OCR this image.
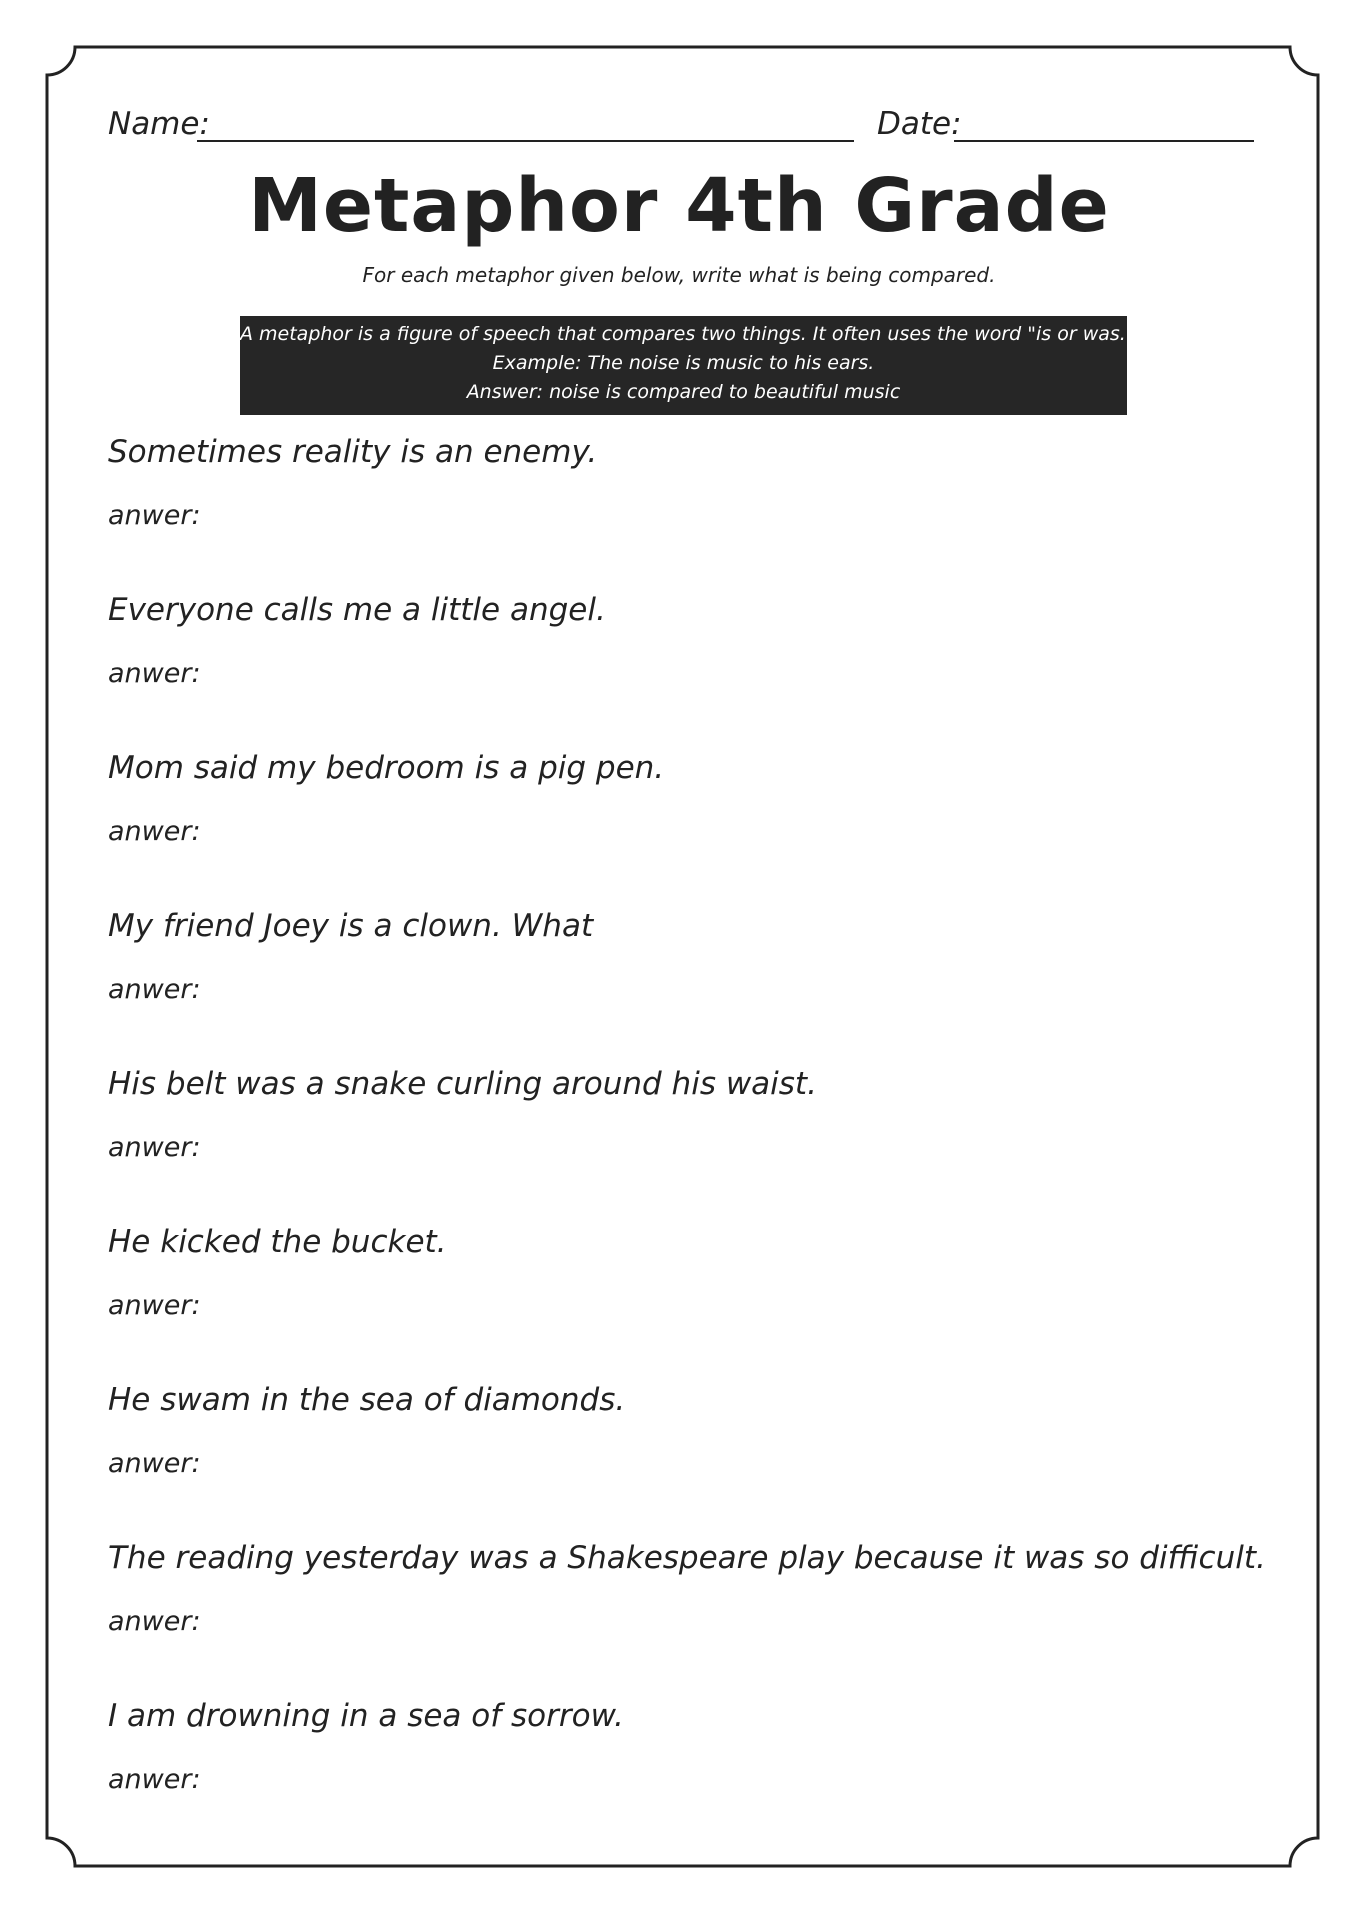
Name:	Date:
Metaphor 4th Grade
For each metaphor given below, write what is being compared.
A metaphor is a figure of speech that compares two things. It often uses the word "is or was."
Example: The noise is music to his ears.
Answer: noise is compared to beautiful music
Sometimes reality is an enemy.
anwer:
Everyone calls me a little angel.
anwer:
Mom said my bedroom is a pig pen.
anwer:
My friend Joey is a clown. What
anwer:
His belt was a snake curling around his waist.
anwer:
He kicked the bucket.
anwer:
He swam in the sea of diamonds.
anwer:
The reading yesterday was a Shakespeare play because it was so difficult.
anwer:
I am drowning in a sea of sorrow.
anwer:
